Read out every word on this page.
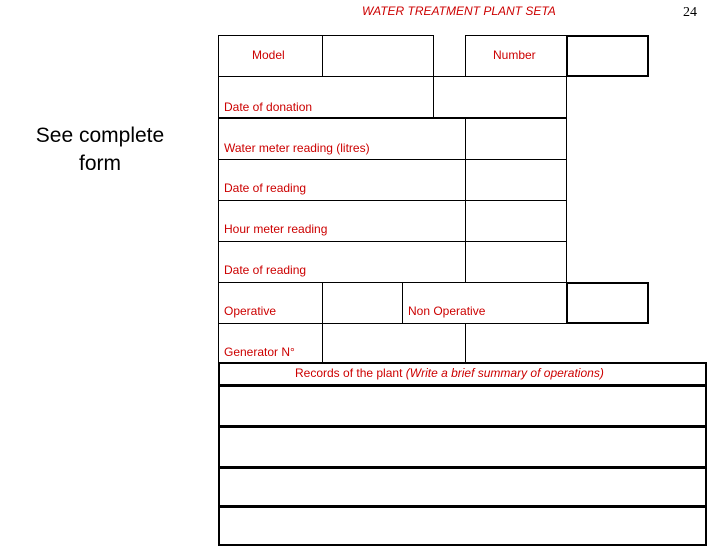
WATER TREATMENT PLANT SETA	24
See complete
form
Model	Number
Date of donation
Water meter reading (litres)
Date of reading
Hour meter reading
Date of reading
Operative	Non Operative
Generator N°
Records of the plant (Write a brief summary of operations)
